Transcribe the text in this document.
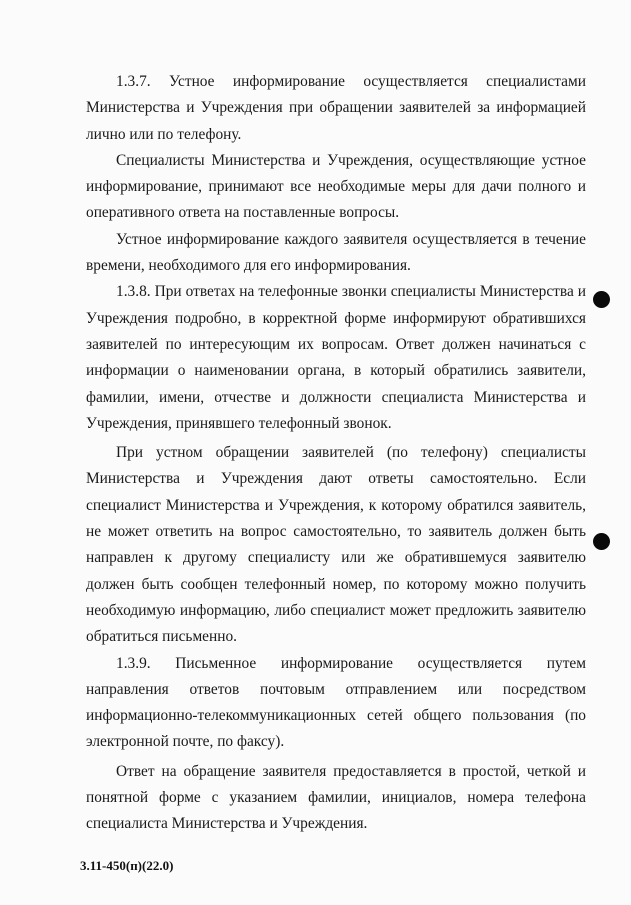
1.3.7. Устное информирование осуществляется специалистами Министерства и Учреждения при обращении заявителей за информацией лично или по телефону.

Специалисты Министерства и Учреждения, осуществляющие устное информирование, принимают все необходимые меры для дачи полного и оперативного ответа на поставленные вопросы.

Устное информирование каждого заявителя осуществляется в течение времени, необходимого для его информирования.

1.3.8. При ответах на телефонные звонки специалисты Министерства и Учреждения подробно, в корректной форме информируют обратившихся заявителей по интересующим их вопросам. Ответ должен начинаться с информации о наименовании органа, в который обратились заявители, фамилии, имени, отчестве и должности специалиста Министерства и Учреждения, принявшего телефонный звонок.

При устном обращении заявителей (по телефону) специалисты Министерства и Учреждения дают ответы самостоятельно. Если специалист Министерства и Учреждения, к которому обратился заявитель, не может ответить на вопрос самостоятельно, то заявитель должен быть направлен к другому специалисту или же обратившемуся заявителю должен быть сообщен телефонный номер, по которому можно получить необходимую информацию, либо специалист может предложить заявителю обратиться письменно.

1.3.9. Письменное информирование осуществляется путем направления ответов почтовым отправлением или посредством информационно-телекоммуникационных сетей общего пользования (по электронной почте, по факсу).

Ответ на обращение заявителя предоставляется в простой, четкой и понятной форме с указанием фамилии, инициалов, номера телефона специалиста Министерства и Учреждения.

3.11-450(п)(22.0)
